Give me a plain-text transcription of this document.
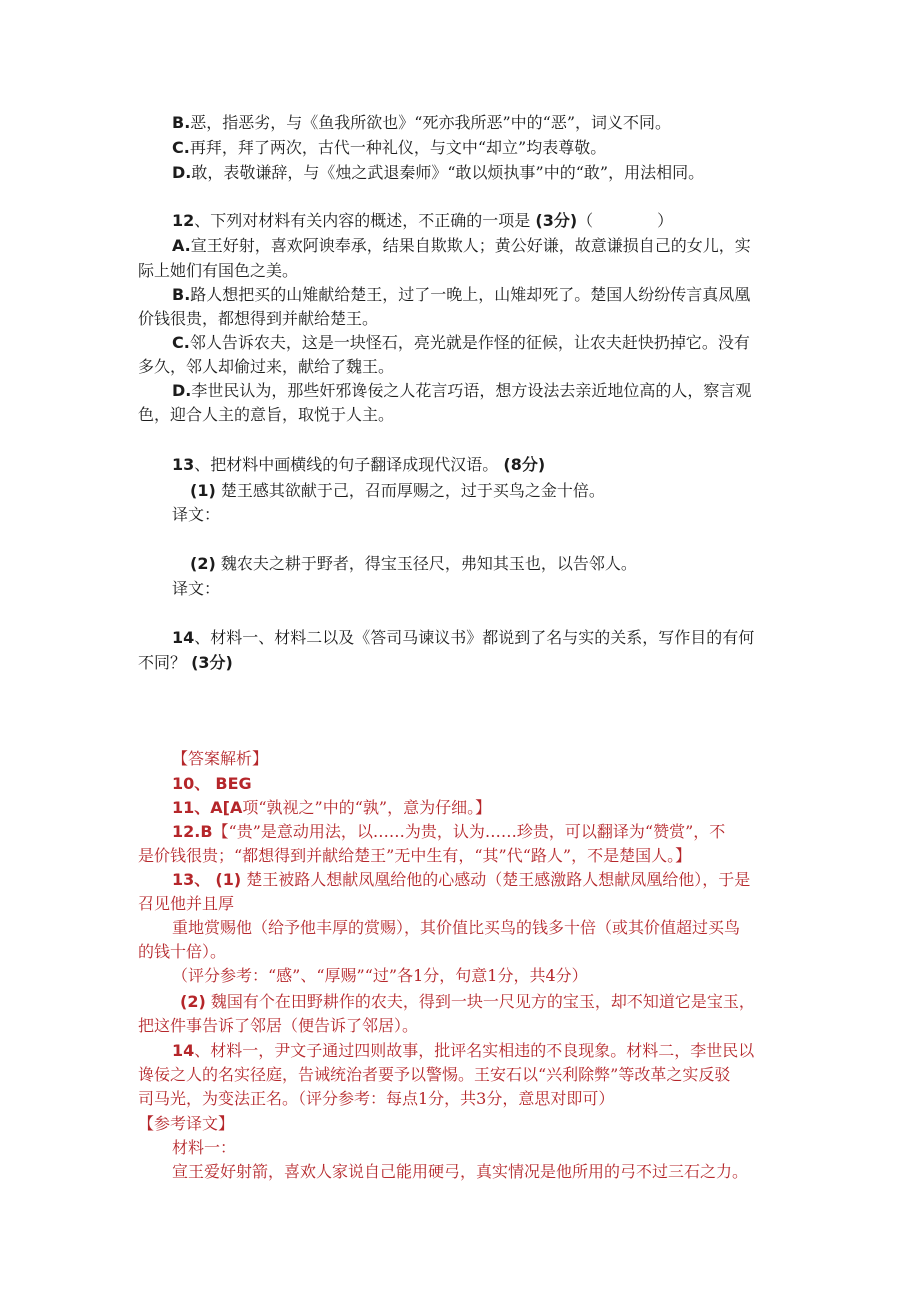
B.恶，指恶劣，与《鱼我所欲也》“死亦我所恶”中的“恶”，词义不同。
C.再拜，拜了两次，古代一种礼仪，与文中“却立”均表尊敬。
D.敢，表敬谦辞，与《烛之武退秦师》“敢以烦执事”中的“敢”，用法相同。
12、下列对材料有关内容的概述，不正确的一项是 (3分)（　　　　）
A.宣王好射，喜欢阿谀奉承，结果自欺欺人；黄公好谦，故意谦损自己的女儿，实
际上她们有国色之美。
B.路人想把买的山雉献给楚王，过了一晚上，山雉却死了。楚国人纷纷传言真凤凰
价钱很贵，都想得到并献给楚王。
C.邻人告诉农夫，这是一块怪石，亮光就是作怪的征候，让农夫赶快扔掉它。没有
多久，邻人却偷过来，献给了魏王。
D.李世民认为，那些奸邪谗佞之人花言巧语，想方设法去亲近地位高的人，察言观
色，迎合人主的意旨，取悦于人主。
13、把材料中画横线的句子翻译成现代汉语。 (8分)
(1) 楚王感其欲献于己，召而厚赐之，过于买鸟之金十倍。
译文：
(2) 魏农夫之耕于野者，得宝玉径尺，弗知其玉也，以告邻人。
译文：
14、材料一、材料二以及《答司马谏议书》都说到了名与实的关系，写作目的有何
不同？ (3分)
【答案解析】
10、 BEG
11、A[A项“孰视之”中的“孰”，意为仔细。】
12.B【“贵”是意动用法，以……为贵，认为……珍贵，可以翻译为“赞赏”，不
是价钱很贵；“都想得到并献给楚王”无中生有，“其”代“路人”，不是楚国人。】
13、 (1) 楚王被路人想献凤凰给他的心感动（楚王感激路人想献凤凰给他），于是
召见他并且厚
重地赏赐他（给予他丰厚的赏赐），其价值比买鸟的钱多十倍（或其价值超过买鸟
的钱十倍）。
（评分参考：“感”、“厚赐”“过”各1分，句意1分，共4分）
(2) 魏国有个在田野耕作的农夫，得到一块一尺见方的宝玉，却不知道它是宝玉，
把这件事告诉了邻居（便告诉了邻居）。
14、材料一，尹文子通过四则故事，批评名实相违的不良现象。材料二，李世民以
谗佞之人的名实径庭，告诫统治者要予以警惕。王安石以“兴利除弊”等改革之实反驳
司马光，为变法正名。（评分参考：每点1分，共3分，意思对即可）
【参考译文】
材料一：
宣王爱好射箭，喜欢人家说自己能用硬弓，真实情况是他所用的弓不过三石之力。
